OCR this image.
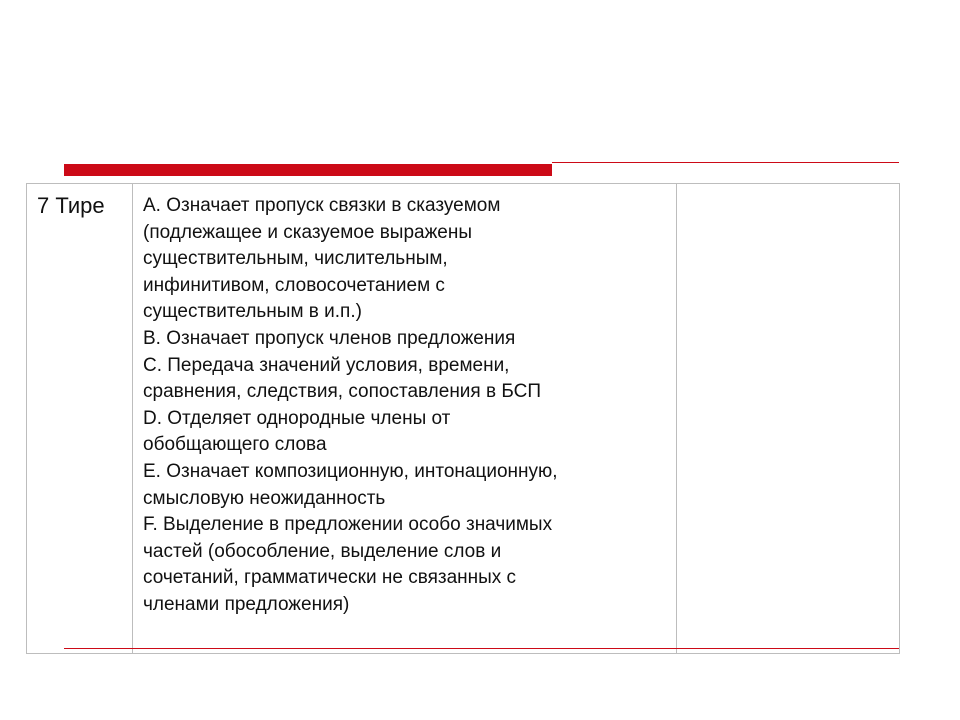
7 Тире A. Означает пропуск связки в сказуемом
(подлежащее и сказуемое выражены
существительным, числительным,
инфинитивом, словосочетанием с
существительным в и.п.)
B. Означает пропуск членов предложения
C. Передача значений условия, времени,
сравнения, следствия, сопоставления в БСП
D. Отделяет однородные члены от
обобщающего слова
E. Означает композиционную, интонационную,
смысловую неожиданность
F. Выделение в предложении особо значимых
частей (обособление, выделение слов и
сочетаний, грамматически не связанных с
членами предложения)
